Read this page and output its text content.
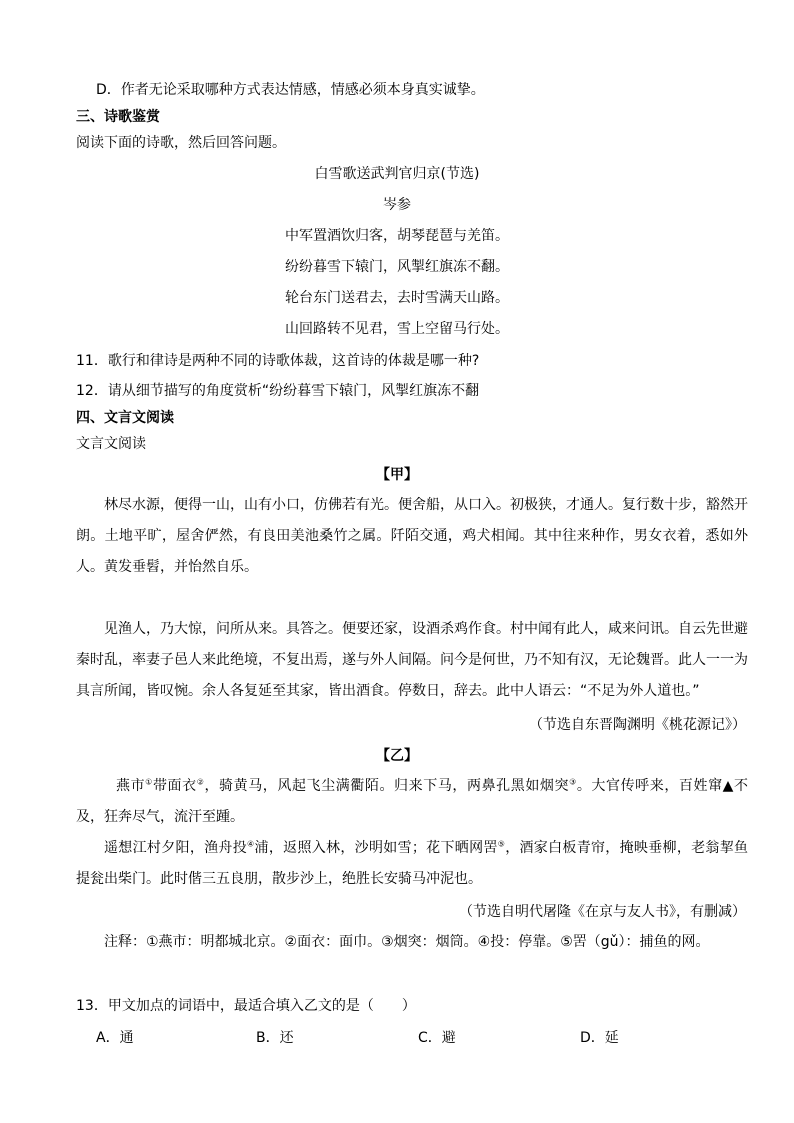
D．作者无论采取哪种方式表达情感，情感必须本身真实诚挚。
三、诗歌鉴赏
阅读下面的诗歌，然后回答问题。
白雪歌送武判官归京(节选)
岑参
中军置酒饮归客，胡琴琵琶与羌笛。
纷纷暮雪下辕门，风掣红旗冻不翻。
轮台东门送君去，去时雪满天山路。
山回路转不见君，雪上空留马行处。
11．歌行和律诗是两种不同的诗歌体裁，这首诗的体裁是哪一种?
12．请从细节描写的角度赏析“纷纷暮雪下辕门，风掣红旗冻不翻
四、文言文阅读
文言文阅读
【甲】
林尽水源，便得一山，山有小口，仿佛若有光。便舍船，从口入。初极狭，才通人。复行数十步，豁然开朗。土地平旷，屋舍俨然，有良田美池桑竹之属。阡陌交通，鸡犬相闻。其中往来种作，男女衣着，悉如外人。黄发垂髫，并怡然自乐。
见渔人，乃大惊，问所从来。具答之。便要还家，设酒杀鸡作食。村中闻有此人，咸来问讯。自云先世避秦时乱，率妻子邑人来此绝境，不复出焉，遂与外人间隔。问今是何世，乃不知有汉，无论魏晋。此人一一为具言所闻，皆叹惋。余人各复延至其家，皆出酒食。停数日，辞去。此中人语云：“不足为外人道也。”
（节选自东晋陶渊明《桃花源记》）
【乙】
燕市①带面衣②，骑黄马，风起飞尘满衢陌。归来下马，两鼻孔黑如烟突③。大官传呼来，百姓窜▲不及，狂奔尽气，流汗至踵。
遥想江村夕阳，渔舟投④浦，返照入林，沙明如雪；花下晒网罟⑤，酒家白板青帘，掩映垂柳，老翁挈鱼提瓮出柴门。此时偕三五良朋，散步沙上，绝胜长安骑马冲泥也。
（节选自明代屠隆《在京与友人书》，有删减）
注释：①燕市：明都城北京。②面衣：面巾。③烟突：烟筒。④投：停靠。⑤罟（gǔ）：捕鱼的网。
13．甲文加点的词语中，最适合填入乙文的是（　　）
A．通	B．还	C．避	D．延
